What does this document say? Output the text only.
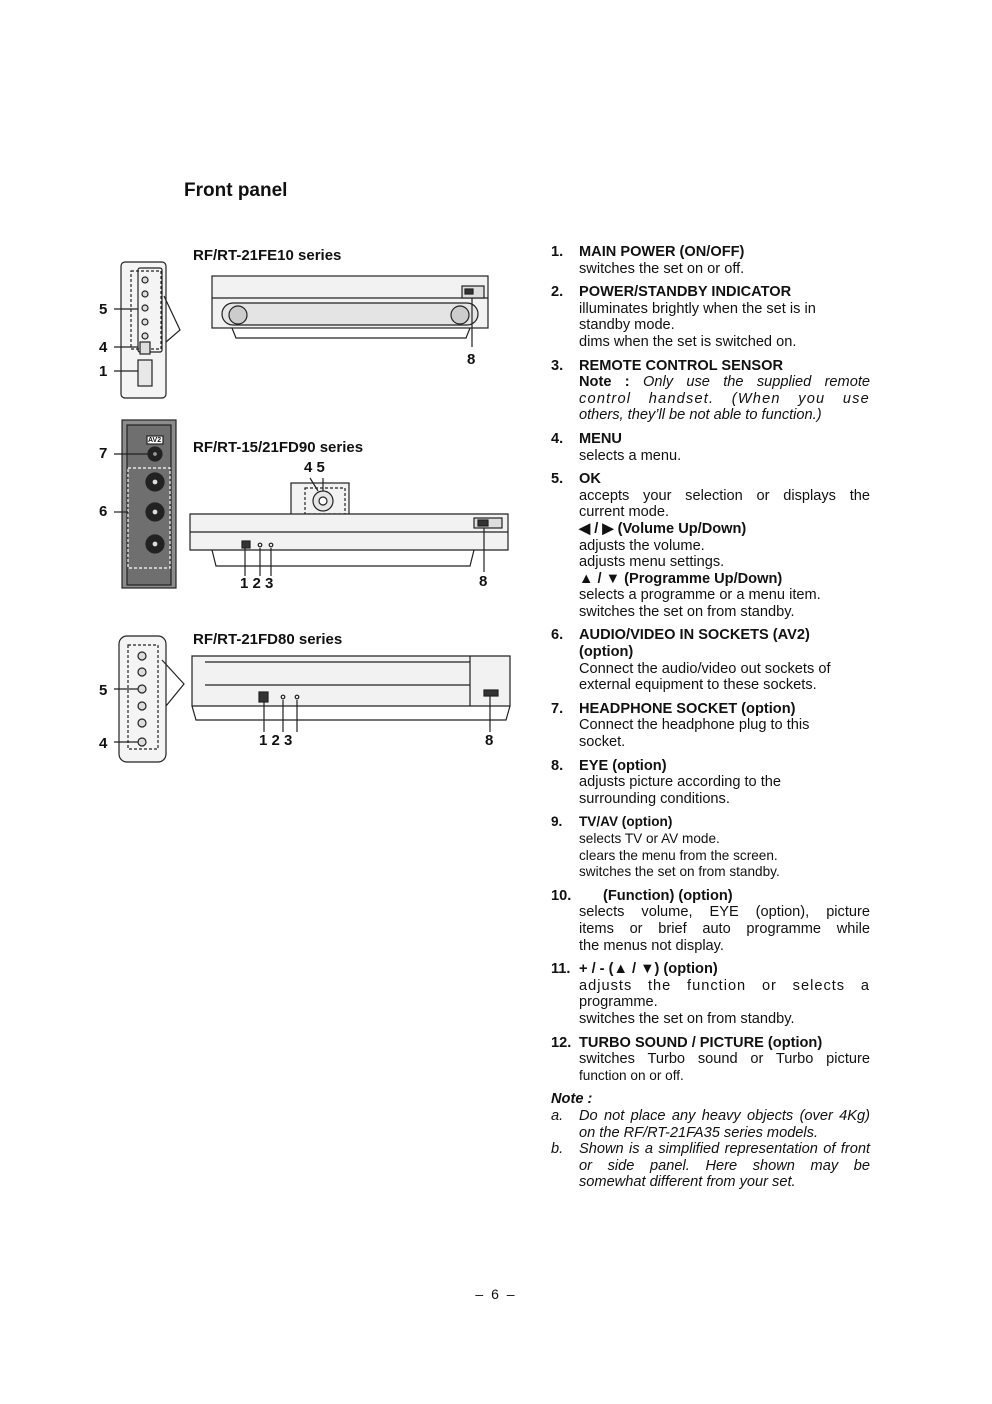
Front panel
RF/RT-21FE10 series
RF/RT-15/21FD90 series
RF/RT-21FD80 series
5
4
1
8
AV2
7
6
4 5
1 2 3	8
5
4	1 2 3	8
1. MAIN POWER (ON/OFF)
switches the set on or off.
2. POWER/STANDBY INDICATOR
illuminates brightly when the set is in
standby mode.
dims when the set is switched on.
3. REMOTE CONTROL SENSOR
Note : Only use the supplied remote
control handset. (When you use
others, they’ll be not able to function.)
4. MENU
selects a menu.
5. OK
accepts your selection or displays the
current mode.
◀ / ▶ (Volume Up/Down)
adjusts the volume.
adjusts menu settings.
▲ / ▼ (Programme Up/Down)
selects a programme or a menu item.
switches the set on from standby.
6. AUDIO/VIDEO IN SOCKETS (AV2)
(option)
Connect the audio/video out sockets of
external equipment to these sockets.
7. HEADPHONE SOCKET (option)
Connect the headphone plug to this
socket.
8. EYE (option)
adjusts picture according to the
surrounding conditions.
9. TV/AV (option)
selects TV or AV mode.
clears the menu from the screen.
switches the set on from standby.
10.	(Function) (option)
selects volume, EYE (option), picture
items or brief auto programme while
the menus not display.
11. + / - (▲ / ▼) (option)
adjusts the function or selects a
programme.
switches the set on from standby.
12. TURBO SOUND / PICTURE (option)
switches Turbo sound or Turbo picture
function on or off.
Note :
a. Do not place any heavy objects (over 4Kg) on the RF/RT-21FA35 series models.
b. Shown is a simplified representation of front or side panel. Here shown may be somewhat different from your set.
– 6 –
